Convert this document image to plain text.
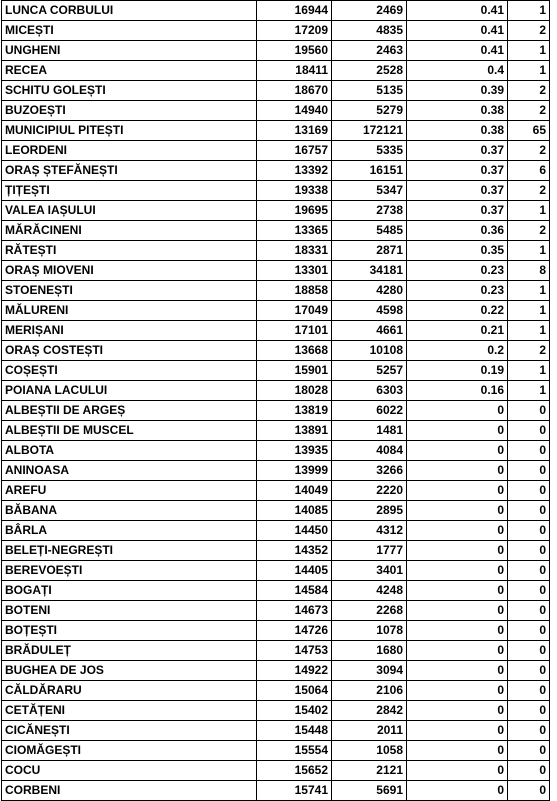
LUNCA CORBULUI	16944	2469	0.41	1
MICEȘTI	17209	4835	0.41	2
UNGHENI	19560	2463	0.41	1
RECEA	18411	2528	0.4	1
SCHITU GOLEȘTI	18670	5135	0.39	2
BUZOEȘTI	14940	5279	0.38	2
MUNICIPIUL PITEȘTI	13169	172121	0.38	65
LEORDENI	16757	5335	0.37	2
ORAȘ ȘTEFĂNEȘTI	13392	16151	0.37	6
ȚIȚEȘTI	19338	5347	0.37	2
VALEA IAȘULUI	19695	2738	0.37	1
MĂRĂCINENI	13365	5485	0.36	2
RĂTEȘTI	18331	2871	0.35	1
ORAȘ MIOVENI	13301	34181	0.23	8
STOENEȘTI	18858	4280	0.23	1
MĂLURENI	17049	4598	0.22	1
MERIȘANI	17101	4661	0.21	1
ORAȘ COSTEȘTI	13668	10108	0.2	2
COȘEȘTI	15901	5257	0.19	1
POIANA LACULUI	18028	6303	0.16	1
ALBEȘTII DE ARGEȘ	13819	6022	0	0
ALBEȘTII DE MUSCEL	13891	1481	0	0
ALBOTA	13935	4084	0	0
ANINOASA	13999	3266	0	0
AREFU	14049	2220	0	0
BĂBANA	14085	2895	0	0
BÂRLA	14450	4312	0	0
BELEȚI-NEGREȘTI	14352	1777	0	0
BEREVOEȘTI	14405	3401	0	0
BOGAȚI	14584	4248	0	0
BOTENI	14673	2268	0	0
BOȚEȘTI	14726	1078	0	0
BRĂDULEȚ	14753	1680	0	0
BUGHEA DE JOS	14922	3094	0	0
CĂLDĂRARU	15064	2106	0	0
CETĂȚENI	15402	2842	0	0
CICĂNEȘTI	15448	2011	0	0
CIOMĂGEȘTI	15554	1058	0	0
COCU	15652	2121	0	0
CORBENI	15741	5691	0	0
